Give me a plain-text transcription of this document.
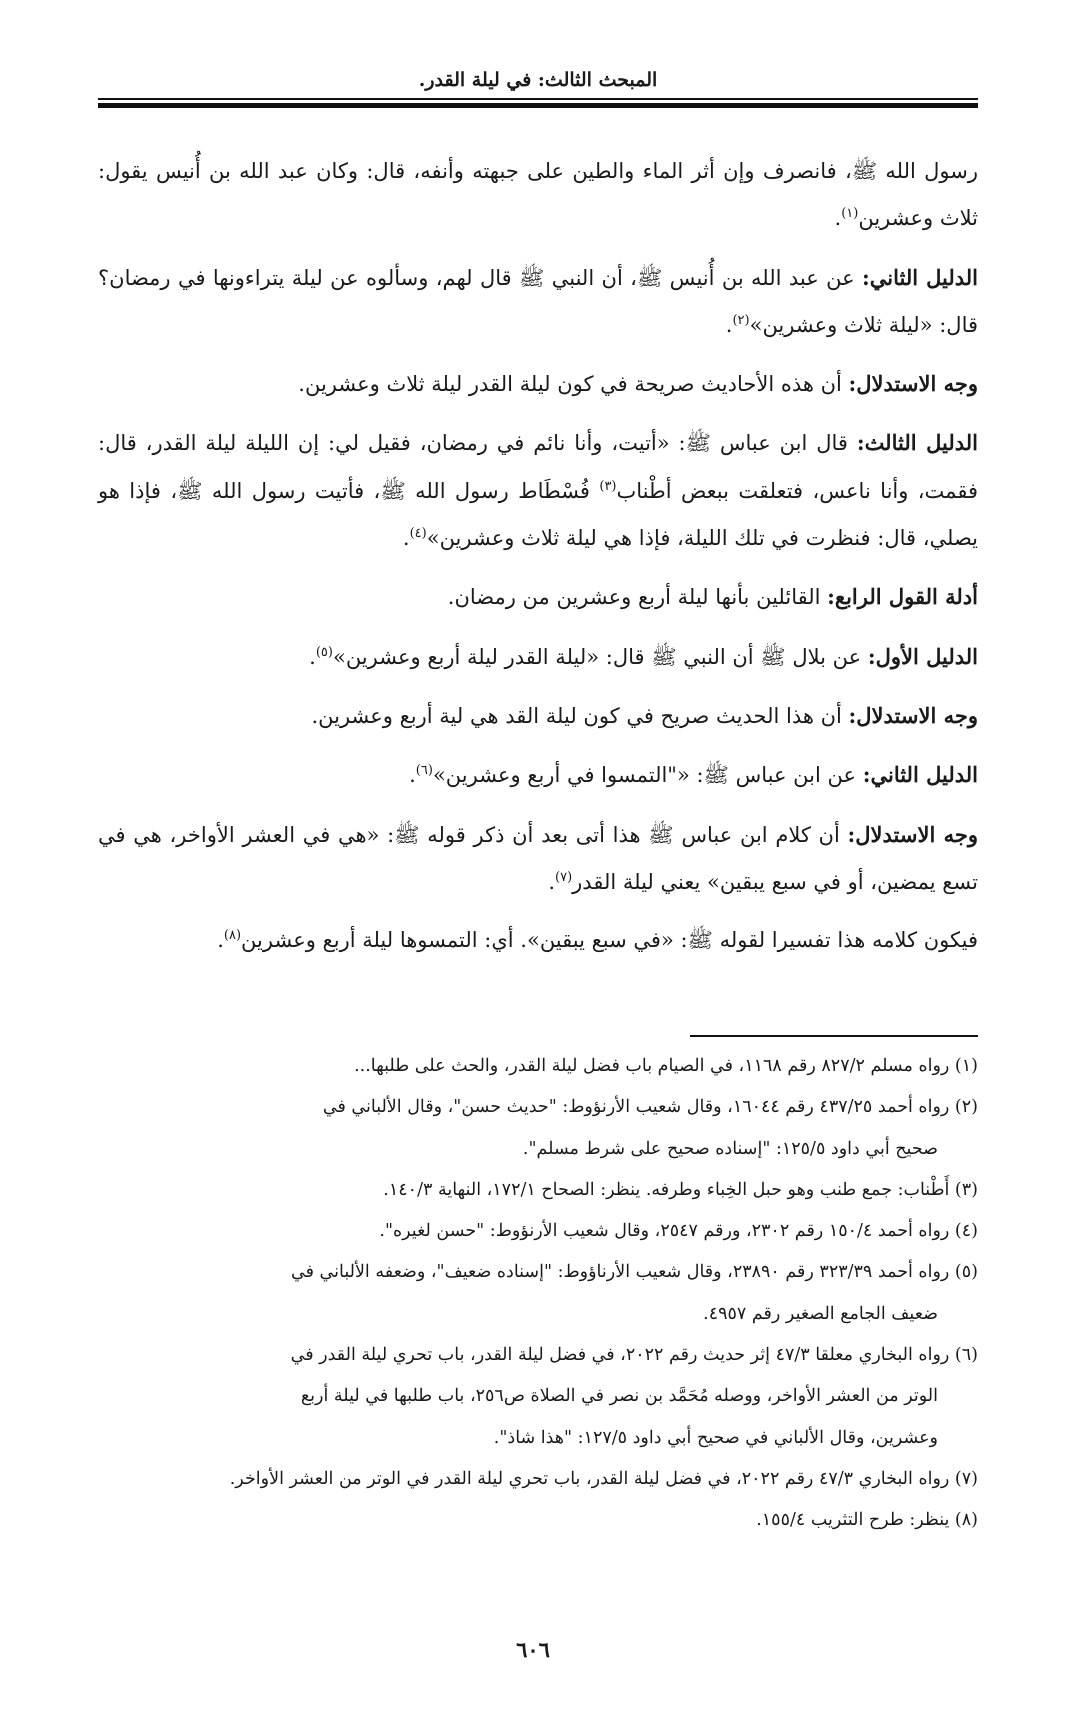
المبحث الثالث: في ليلة القدر.

رسول الله ﷺ، فانصرف وإن أثر الماء والطين على جبهته وأنفه، قال: وكان عبد الله بن أُنيس يقول: ثلاث وعشرين$^{(١)}$.

الدليل الثاني: عن عبد الله بن أُنيس ﷺ، أن النبي ﷺ قال لهم، وسألوه عن ليلة يتراءونها في رمضان؟ قال: «ليلة ثلاث وعشرين»$^{(٢)}$.

وجه الاستدلال: أن هذه الأحاديث صريحة في كون ليلة القدر ليلة ثلاث وعشرين.

الدليل الثالث: قال ابن عباس ﷺ: «أتيت، وأنا نائم في رمضان، فقيل لي: إن الليلة ليلة القدر، قال: فقمت، وأنا ناعس، فتعلقت ببعض أطْناب$^{(٣)}$ فُسْطَاط رسول الله ﷺ، فأتيت رسول الله ﷺ، فإذا هو يصلي، قال: فنظرت في تلك الليلة، فإذا هي ليلة ثلاث وعشرين»$^{(٤)}$.

أدلة القول الرابع: القائلين بأنها ليلة أربع وعشرين من رمضان.

الدليل الأول: عن بلال ﷺ أن النبي ﷺ قال: «ليلة القدر ليلة أربع وعشرين»$^{(٥)}$.

وجه الاستدلال: أن هذا الحديث صريح في كون ليلة القد هي لية أربع وعشرين.

الدليل الثاني: عن ابن عباس ﷺ: «"التمسوا في أربع وعشرين»$^{(٦)}$.

وجه الاستدلال: أن كلام ابن عباس ﷺ هذا أتى بعد أن ذكر قوله ﷺ: «هي في العشر الأواخر، هي في تسع يمضين، أو في سبع يبقين» يعني ليلة القدر$^{(٧)}$.

فيكون كلامه هذا تفسيرا لقوله ﷺ: «في سبع يبقين». أي: التمسوها ليلة أربع وعشرين$^{(٨)}$.

(١) رواه مسلم ٨٢٧/٢ رقم ١١٦٨، في الصيام باب فضل ليلة القدر، والحث على طلبها...

(٢) رواه أحمد ٤٣٧/٢٥ رقم ١٦٠٤٤، وقال شعيب الأرنؤوط: "حديث حسن"، وقال الألباني في

صحيح أبي داود ١٢٥/٥: "إسناده صحيح على شرط مسلم".

(٣) أَطْناب: جمع طنب وهو حبل الخِباء وطرفه. ينظر: الصحاح ١٧٢/١، النهاية ١٤٠/٣.

(٤) رواه أحمد ١٥٠/٤ رقم ٢٣٠٢، ورقم ٢٥٤٧، وقال شعيب الأرنؤوط: "حسن لغيره".

(٥) رواه أحمد ٣٢٣/٣٩ رقم ٢٣٨٩٠، وقال شعيب الأرناؤوط: "إسناده ضعيف"، وضعفه الألباني في

ضعيف الجامع الصغير رقم ٤٩٥٧.

(٦) رواه البخاري معلقا ٤٧/٣ إثر حديث رقم ٢٠٢٢، في فضل ليلة القدر، باب تحري ليلة القدر في

الوتر من العشر الأواخر، ووصله مُحَمَّد بن نصر في الصلاة ص٢٥٦، باب طلبها في ليلة أربع

وعشرين، وقال الألباني في صحيح أبي داود ١٢٧/٥: "هذا شاذ".

(٧) رواه البخاري ٤٧/٣ رقم ٢٠٢٢، في فضل ليلة القدر، باب تحري ليلة القدر في الوتر من العشر الأواخر.

(٨) ينظر: طرح التثريب ١٥٥/٤.

٦٠٦
